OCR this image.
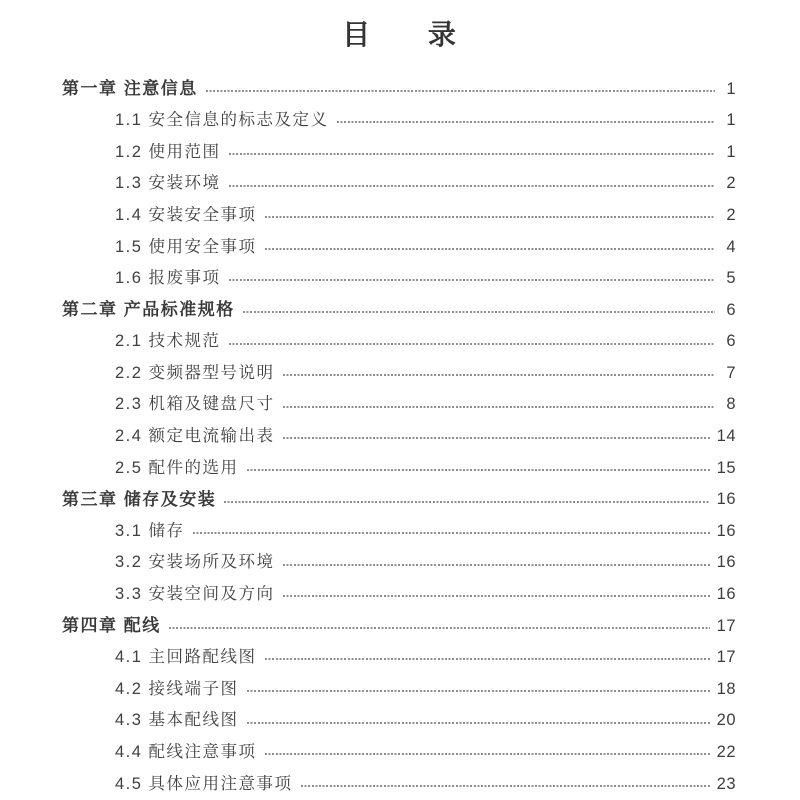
目 录
第一章 注意信息	1
1.1 安全信息的标志及定义	1
1.2 使用范围	1
1.3 安装环境	2
1.4 安装安全事项	2
1.5 使用安全事项	4
1.6 报废事项	5
第二章 产品标准规格	6
2.1 技术规范	6
2.2 变频器型号说明	7
2.3 机箱及键盘尺寸	8
2.4 额定电流输出表	14
2.5 配件的选用	15
第三章 储存及安装	16
3.1 储存	16
3.2 安装场所及环境	16
3.3 安装空间及方向	16
第四章 配线	17
4.1 主回路配线图	17
4.2 接线端子图	18
4.3 基本配线图	20
4.4 配线注意事项	22
4.5 具体应用注意事项	23
